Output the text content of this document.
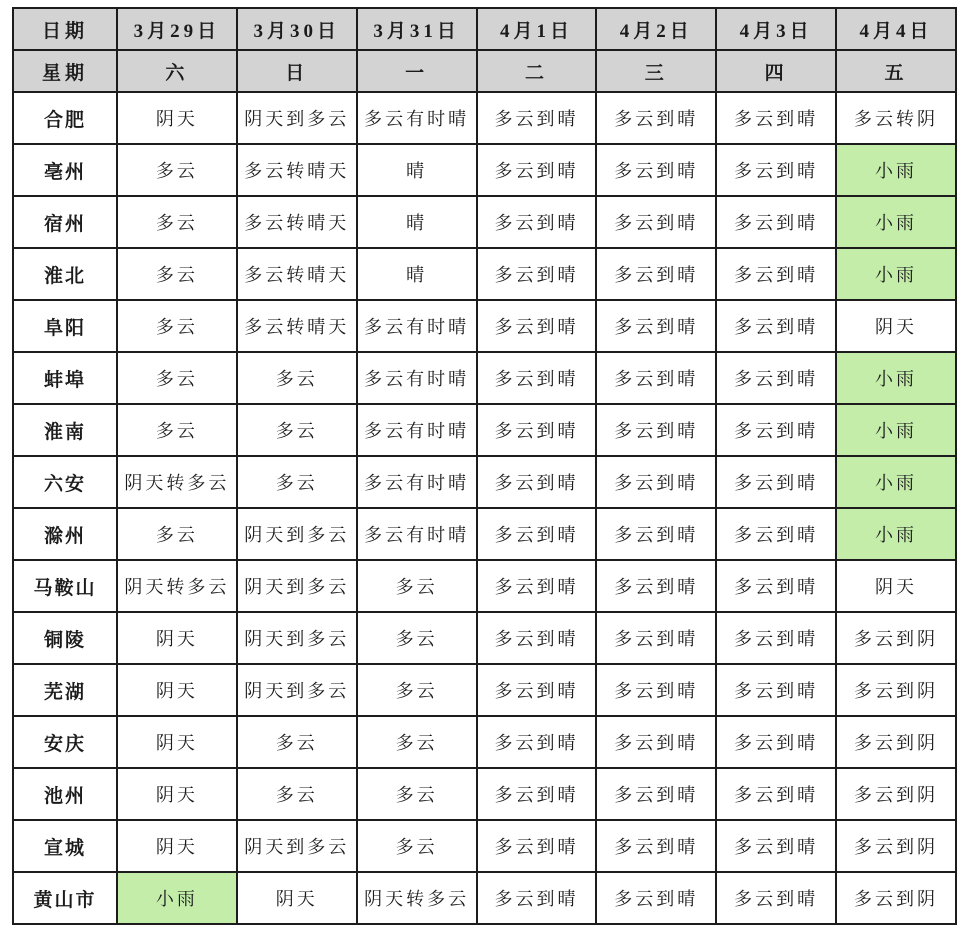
日期	3月29日	3月30日	3月31日	4月1日	4月2日	4月3日	4月4日
星期	六	日	一	二	三	四	五
合肥	阴天	阴天到多云	多云有时晴	多云到晴	多云到晴	多云到晴	多云转阴
亳州	多云	多云转晴天	晴	多云到晴	多云到晴	多云到晴	小雨
宿州	多云	多云转晴天	晴	多云到晴	多云到晴	多云到晴	小雨
淮北	多云	多云转晴天	晴	多云到晴	多云到晴	多云到晴	小雨
阜阳	多云	多云转晴天	多云有时晴	多云到晴	多云到晴	多云到晴	阴天
蚌埠	多云	多云	多云有时晴	多云到晴	多云到晴	多云到晴	小雨
淮南	多云	多云	多云有时晴	多云到晴	多云到晴	多云到晴	小雨
六安	阴天转多云	多云	多云有时晴	多云到晴	多云到晴	多云到晴	小雨
滁州	多云	阴天到多云	多云有时晴	多云到晴	多云到晴	多云到晴	小雨
马鞍山	阴天转多云	阴天到多云	多云	多云到晴	多云到晴	多云到晴	阴天
铜陵	阴天	阴天到多云	多云	多云到晴	多云到晴	多云到晴	多云到阴
芜湖	阴天	阴天到多云	多云	多云到晴	多云到晴	多云到晴	多云到阴
安庆	阴天	多云	多云	多云到晴	多云到晴	多云到晴	多云到阴
池州	阴天	多云	多云	多云到晴	多云到晴	多云到晴	多云到阴
宣城	阴天	阴天到多云	多云	多云到晴	多云到晴	多云到晴	多云到阴
黄山市	小雨	阴天	阴天转多云	多云到晴	多云到晴	多云到晴	多云到阴
